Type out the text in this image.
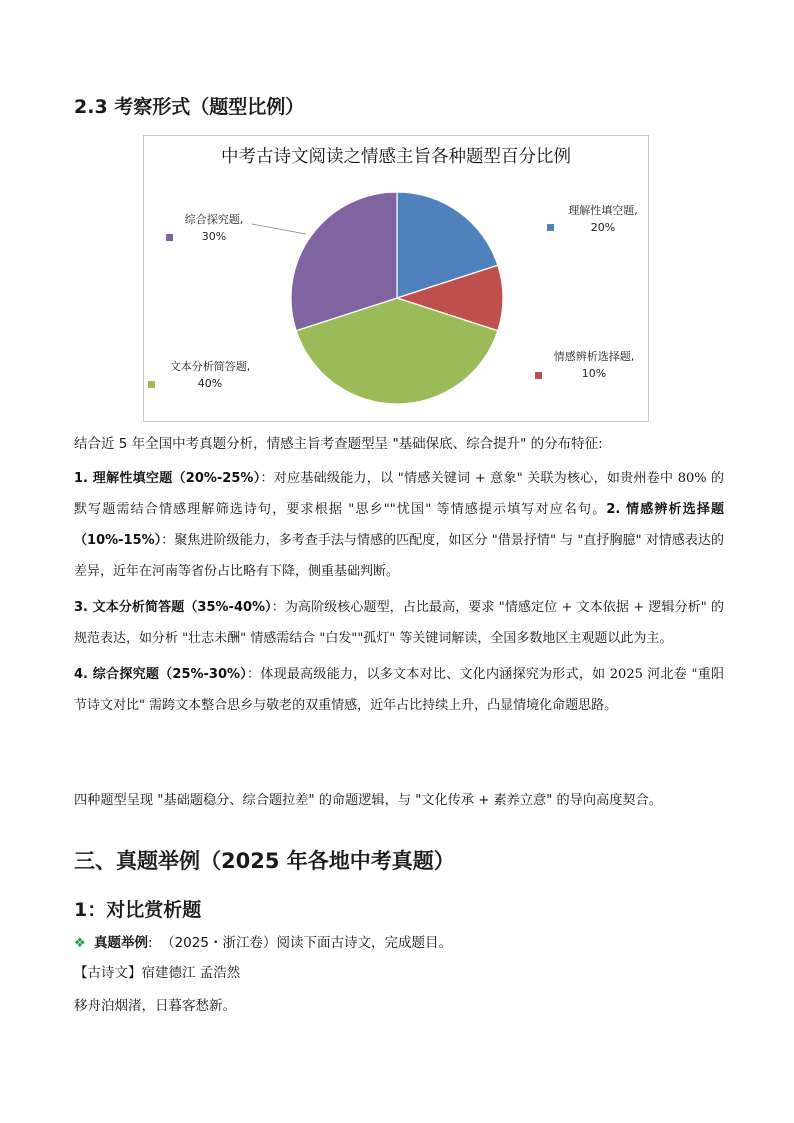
2.3 考察形式（题型比例）
中考古诗文阅读之情感主旨各种题型百分比例
理解性填空题,
20%
情感辨析选择题,
10%
文本分析简答题,
40%
综合探究题,
30%
结合近 5 年全国中考真题分析，情感主旨考查题型呈 "基础保底、综合提升" 的分布特征:
1. 理解性填空题（20%-25%）：对应基础级能力，以 "情感关键词 + 意象" 关联为核心，如贵州卷中 80% 的默写题需结合情感理解筛选诗句，要求根据 "思乡""忧国" 等情感提示填写对应名句。2. 情感辨析选择题（10%-15%）：聚焦进阶级能力，多考查手法与情感的匹配度，如区分 "借景抒情" 与 "直抒胸臆" 对情感表达的差异，近年在河南等省份占比略有下降，侧重基础判断。
3. 文本分析简答题（35%-40%）：为高阶级核心题型，占比最高，要求 "情感定位 + 文本依据 + 逻辑分析" 的规范表达，如分析 "壮志未酬" 情感需结合 "白发""孤灯" 等关键词解读，全国多数地区主观题以此为主。
4. 综合探究题（25%-30%）：体现最高级能力，以多文本对比、文化内涵探究为形式，如 2025 河北卷 "重阳节诗文对比" 需跨文本整合思乡与敬老的双重情感，近年占比持续上升，凸显情境化命题思路。
四种题型呈现 "基础题稳分、综合题拉差" 的命题逻辑，与 "文化传承 + 素养立意" 的导向高度契合。
三、真题举例（2025 年各地中考真题）
1：对比赏析题
❖ 真题举例:  （2025・浙江卷）阅读下面古诗文，完成题目。
【古诗文】宿建德江 孟浩然
移舟泊烟渚，日暮客愁新。
